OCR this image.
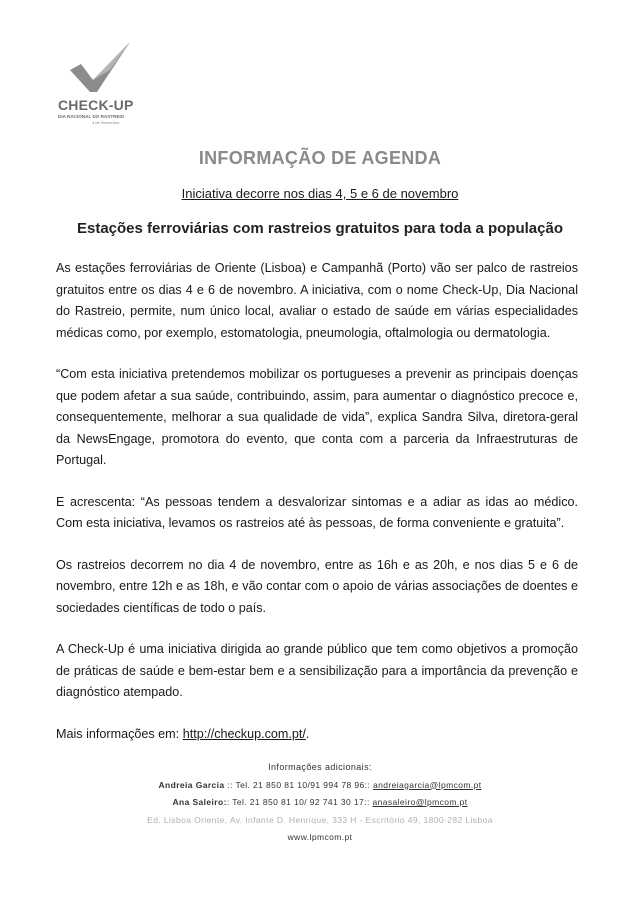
CHECK-UP
DIA NACIONAL DO RASTREIO
4 de Novembro
INFORMAÇÃO DE AGENDA
Iniciativa decorre nos dias 4, 5 e 6 de novembro
Estações ferroviárias com rastreios gratuitos para toda a população

As estações ferroviárias de Oriente (Lisboa) e Campanhã (Porto) vão ser palco de rastreios gratuitos entre os dias 4 e 6 de novembro. A iniciativa, com o nome Check-Up, Dia Nacional do Rastreio, permite, num único local, avaliar o estado de saúde em várias especialidades médicas como, por exemplo, estomatologia, pneumologia, oftalmologia ou dermatologia.

“Com esta iniciativa pretendemos mobilizar os portugueses a prevenir as principais doenças que podem afetar a sua saúde, contribuindo, assim, para aumentar o diagnóstico precoce e, consequentemente, melhorar a sua qualidade de vida”, explica Sandra Silva, diretora-geral da NewsEngage, promotora do evento, que conta com a parceria da Infraestruturas de Portugal.

E acrescenta: “As pessoas tendem a desvalorizar sintomas e a adiar as idas ao médico. Com esta iniciativa, levamos os rastreios até às pessoas, de forma conveniente e gratuita”.

Os rastreios decorrem no dia 4 de novembro, entre as 16h e as 20h, e nos dias 5 e 6 de novembro, entre 12h e as 18h, e vão contar com o apoio de várias associações de doentes e sociedades científicas de todo o país.

A Check-Up é uma iniciativa dirigida ao grande público que tem como objetivos a promoção de práticas de saúde e bem-estar bem e a sensibilização para a importância da prevenção e diagnóstico atempado.

Mais informações em: http://checkup.com.pt/.

Informações adicionais:
Andreia Garcia :: Tel. 21 850 81 10/91 994 78 96:: andreiagarcia@lpmcom.pt
Ana Saleiro:: Tel. 21 850 81 10/ 92 741 30 17:: anasaleiro@lpmcom.pt
Ed. Lisboa Oriente, Av. Infante D. Henrique, 333 H - Escritório 49, 1800-282 Lisboa
www.lpmcom.pt
